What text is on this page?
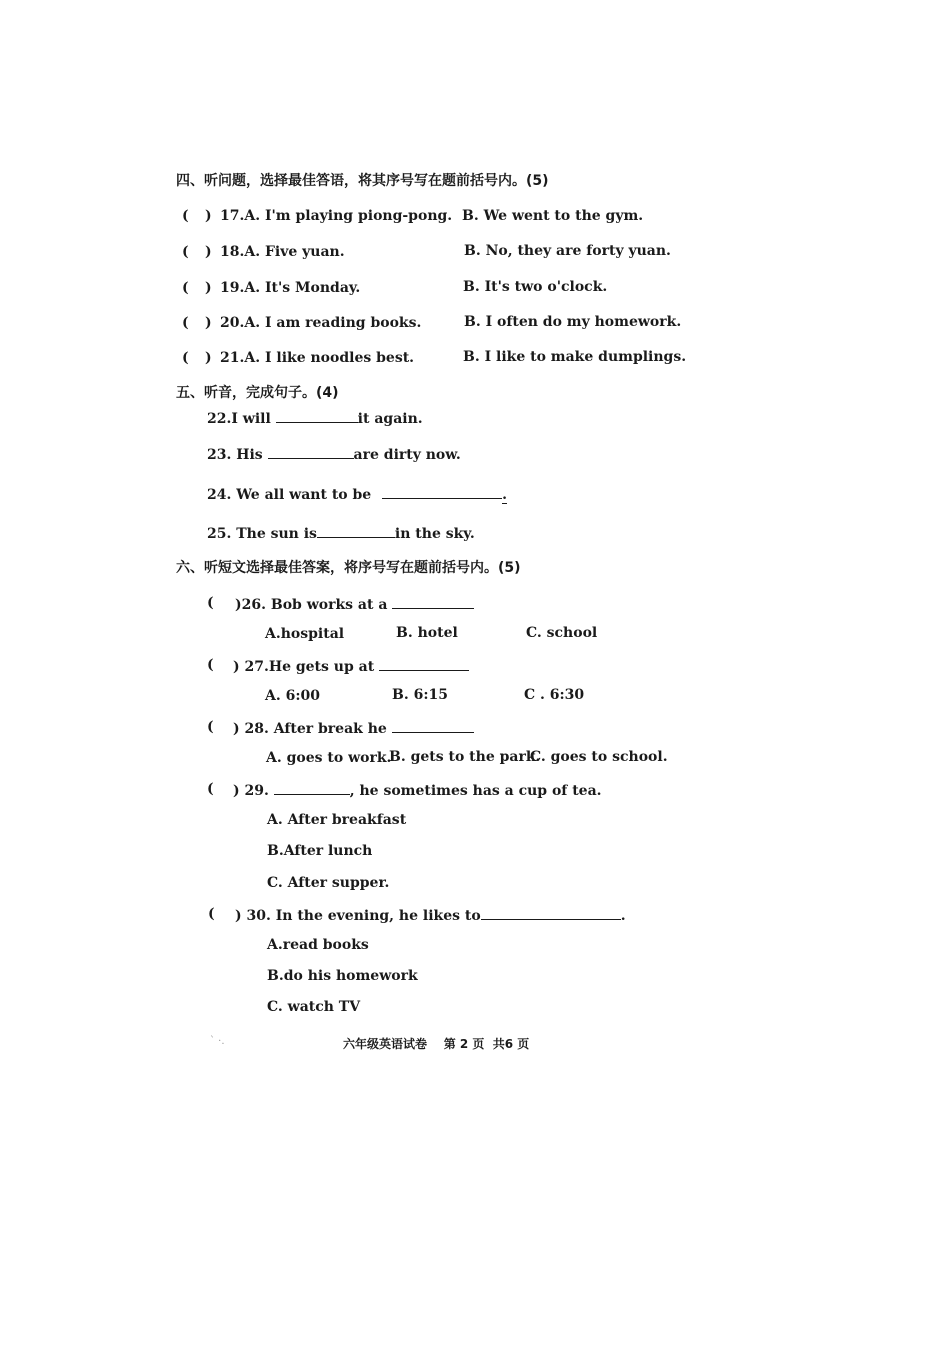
四、听问题，选择最佳答语，将其序号写在题前括号内。(5)
( ) 17.A. I'm playing piong-pong. B. We went to the gym.
( ) 18.A. Five yuan.	B. No, they are forty yuan.
( ) 19.A. It's Monday.	B. It's two o'clock.
( ) 20.A. I am reading books.	B. I often do my homework.
( ) 21.A. I like noodles best.	B. I like to make dumplings.
五、听音，完成句子。(4)
22.I will	it again.
23. His	are dirty now.
24. We all want to be	.
25. The sun is	in the sky.
六、听短文选择最佳答案，将序号写在题前括号内。(5)
( )26. Bob works at a
A.hospital	B. hotel	C. school
( ) 27.He gets up at
A. 6:00	B. 6:15	C . 6:30
( ) 28. After break he
A. goes to work.
B. gets to the park.
C. goes to school.
( ) 29.	, he sometimes has a cup of tea.
A. After breakfast
B.After lunch
C. After supper.
( ) 30. In the evening, he likes to	.
A.read books
B.do his homework
C. watch TV
` ·.	六年级英语试卷    第 2 页  共6 页
